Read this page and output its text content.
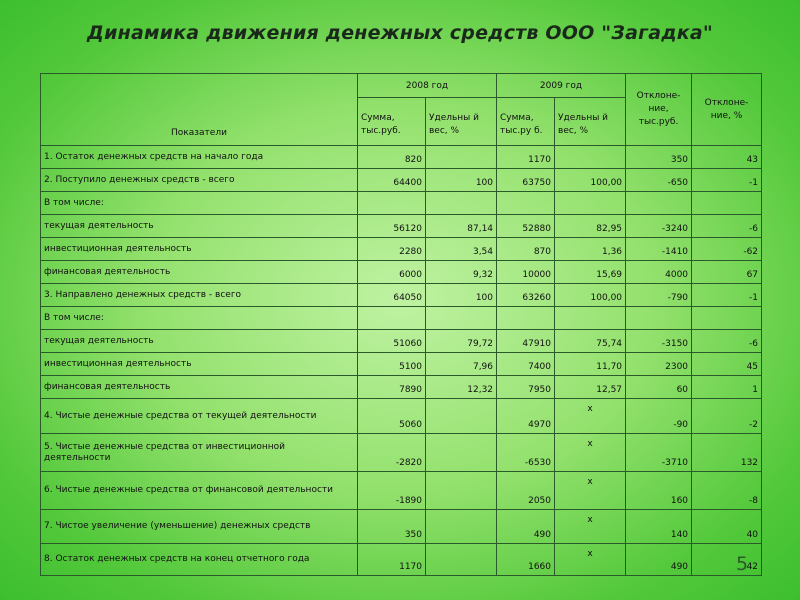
Динамика движения денежных средств ООО "Загадка"
Показатели	2008 год		2009 год		Отклоне-ние, тыс.руб.	Отклоне-ние, %
	Сумма, тыс.руб.	Удельны й вес, %	Сумма, тыс.ру б.	Удельны й вес, %		
1. Остаток денежных средств на начало года	820		1170		350	43
2. Поступило денежных средств - всего	64400	100	63750	100,00	-650	-1
В том числе:						
текущая деятельность	56120	87,14	52880	82,95	-3240	-6
инвестиционная деятельность	2280	3,54	870	1,36	-1410	-62
финансовая деятельность	6000	9,32	10000	15,69	4000	67
3. Направлено денежных средств - всего	64050	100	63260	100,00	-790	-1
В том числе:						
текущая деятельность	51060	79,72	47910	75,74	-3150	-6
инвестиционная деятельность	5100	7,96	7400	11,70	2300	45
финансовая деятельность	7890	12,32	7950	12,57	60	1
4. Чистые денежные средства от текущей деятельности	5060		4970	x	-90	-2
5. Чистые денежные средства от инвестиционной деятельности	-2820		-6530	x	-3710	132
6. Чистые денежные средства от финансовой деятельности	-1890		2050	x	160	-8
7. Чистое увеличение (уменьшение) денежных средств	350		490	x	140	40
8. Остаток денежных средств на конец отчетного года	1170		1660	x	490	42
5
